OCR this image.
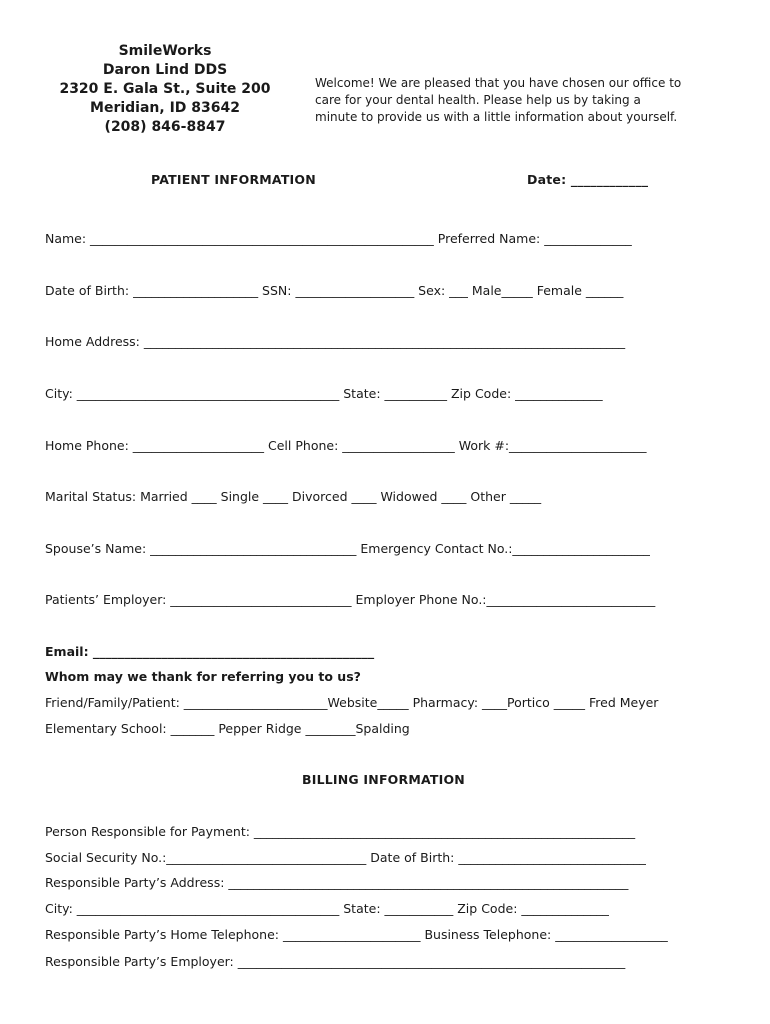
SmileWorks
Daron Lind DDS
2320 E. Gala St., Suite 200
Meridian, ID 83642
(208) 846-8847
Welcome! We are pleased that you have chosen our office to
care for your dental health. Please help us by taking a
minute to provide us with a little information about yourself.
PATIENT INFORMATION	Date: ____________
Name: _______________________________________________________ Preferred Name: ______________
Date of Birth: ____________________ SSN: ___________________ Sex: ___ Male_____ Female ______
Home Address: _____________________________________________________________________________
City: __________________________________________ State: __________ Zip Code: ______________
Home Phone: _____________________ Cell Phone: __________________ Work #:______________________
Marital Status: Married ____ Single ____ Divorced ____ Widowed ____ Other _____
Spouse’s Name: _________________________________ Emergency Contact No.:______________________
Patients’ Employer: _____________________________ Employer Phone No.:___________________________
Email: _____________________________________________
Whom may we thank for referring you to us?
Friend/Family/Patient: _______________________Website_____ Pharmacy: ____Portico _____ Fred Meyer
Elementary School: _______ Pepper Ridge ________Spalding
BILLING INFORMATION
Person Responsible for Payment: _____________________________________________________________
Social Security No.:________________________________ Date of Birth: ______________________________
Responsible Party’s Address: ________________________________________________________________
City: __________________________________________ State: ___________ Zip Code: ______________
Responsible Party’s Home Telephone: ______________________ Business Telephone: __________________
Responsible Party’s Employer: ______________________________________________________________
